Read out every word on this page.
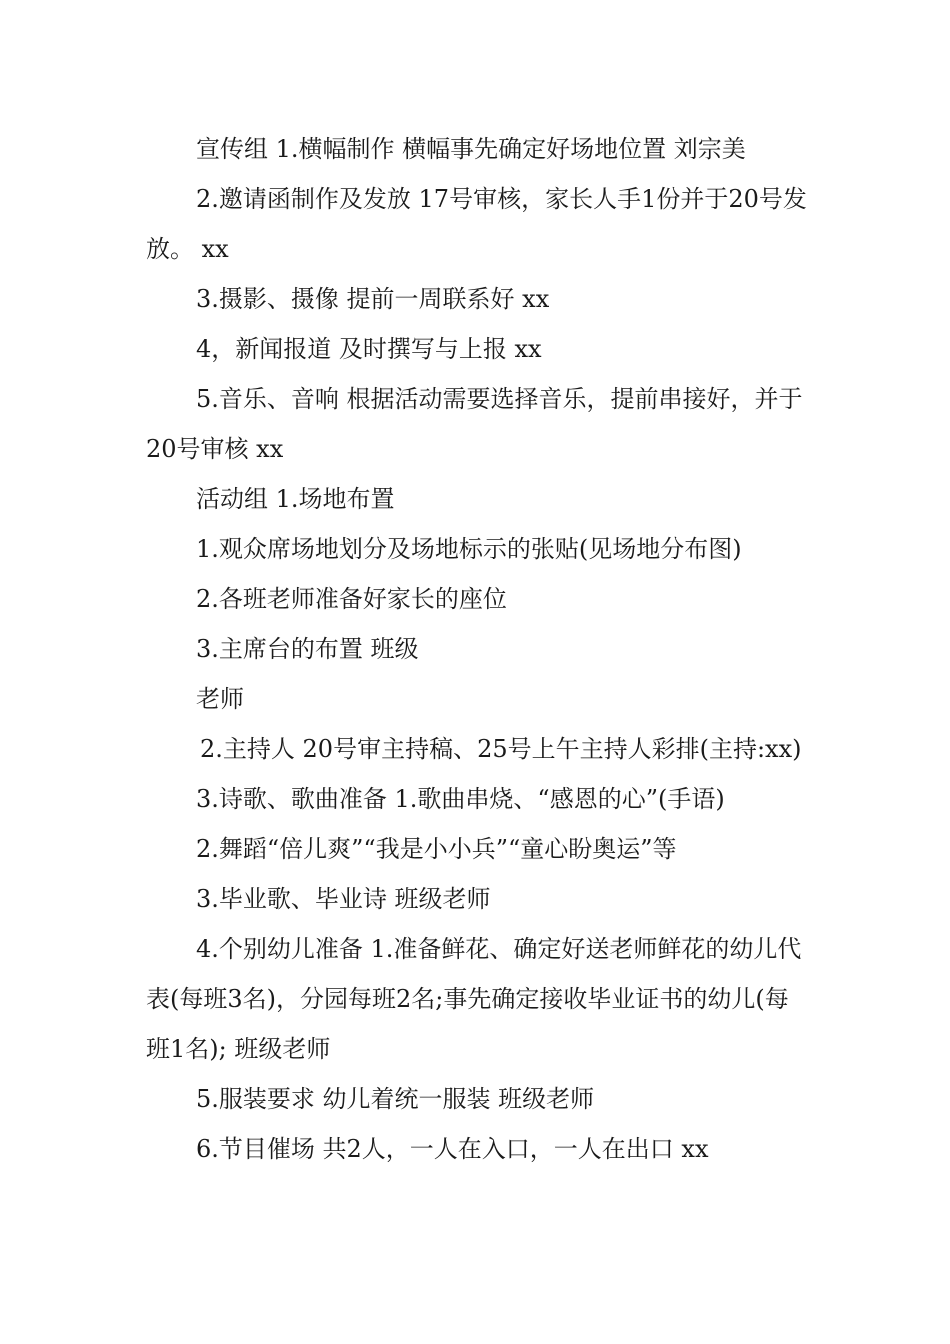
宣传组 1.横幅制作 横幅事先确定好场地位置 刘宗美

2.邀请函制作及发放 17号审核，家长人手1份并于20号发放。 xx

3.摄影、摄像 提前一周联系好 xx

4，新闻报道 及时撰写与上报 xx

5.音乐、音响 根据活动需要选择音乐，提前串接好，并于20号审核 xx

活动组 1.场地布置

1.观众席场地划分及场地标示的张贴(见场地分布图)

2.各班老师准备好家长的座位

3.主席台的布置 班级

老师

2.主持人 20号审主持稿、25号上午主持人彩排(主持:xx)

3.诗歌、歌曲准备 1.歌曲串烧、“感恩的心”(手语)

2.舞蹈“倍儿爽”“我是小小兵”“童心盼奥运”等

3.毕业歌、毕业诗 班级老师

4.个别幼儿准备 1.准备鲜花、确定好送老师鲜花的幼儿代表(每班3名)，分园每班2名;事先确定接收毕业证书的幼儿(每班1名); 班级老师

5.服装要求 幼儿着统一服装 班级老师

6.节目催场 共2人，一人在入口，一人在出口 xx
